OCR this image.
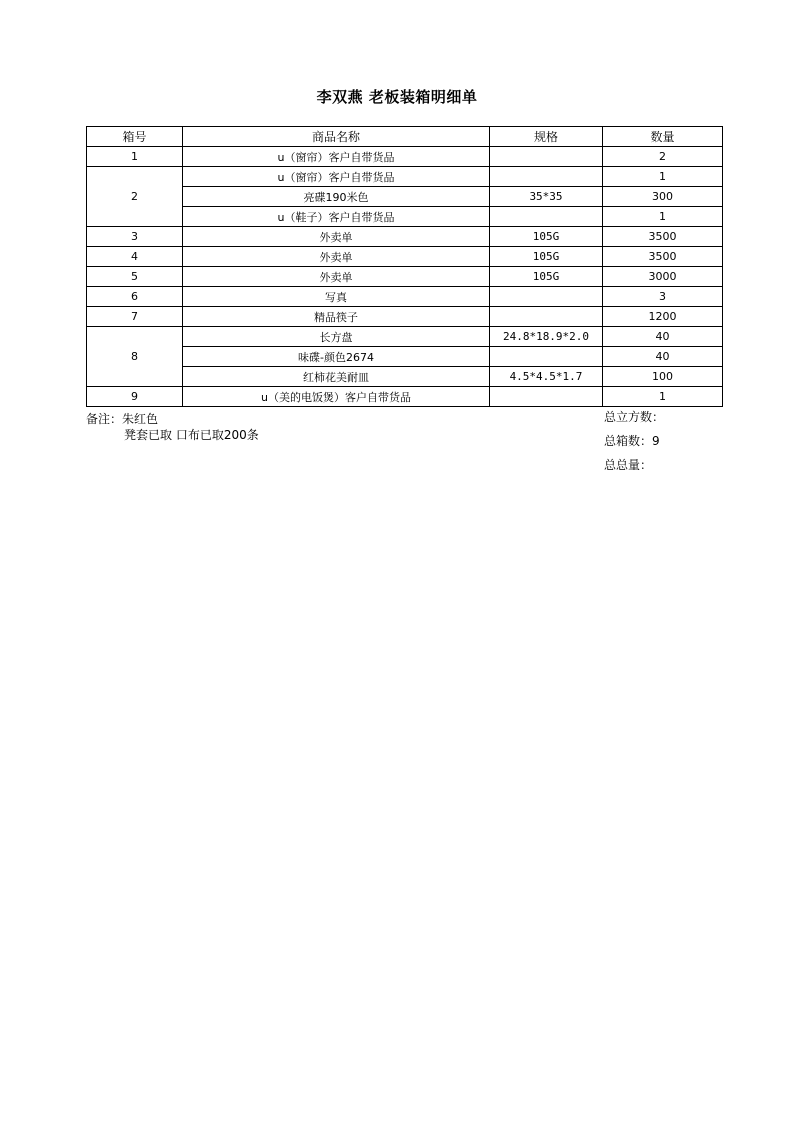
李双燕 老板装箱明细单
箱号	商品名称	规格	数量
1	u（窗帘）客户自带货品		2
2	u（窗帘）客户自带货品		1
	亮碟190米色	35*35	300
	u（鞋子）客户自带货品		1
3	外卖单	105G	3500
4	外卖单	105G	3500
5	外卖单	105G	3000
6	写真		3
7	精品筷子		1200
8	长方盘	24.8*18.9*2.0	40
	味碟-颜色2674		40
	红柿花美耐皿	4.5*4.5*1.7	100
9	u（美的电饭煲）客户自带货品		1
备注：朱红色
凳套已取 口布已取200条
总立方数：
总箱数：9
总总量：
